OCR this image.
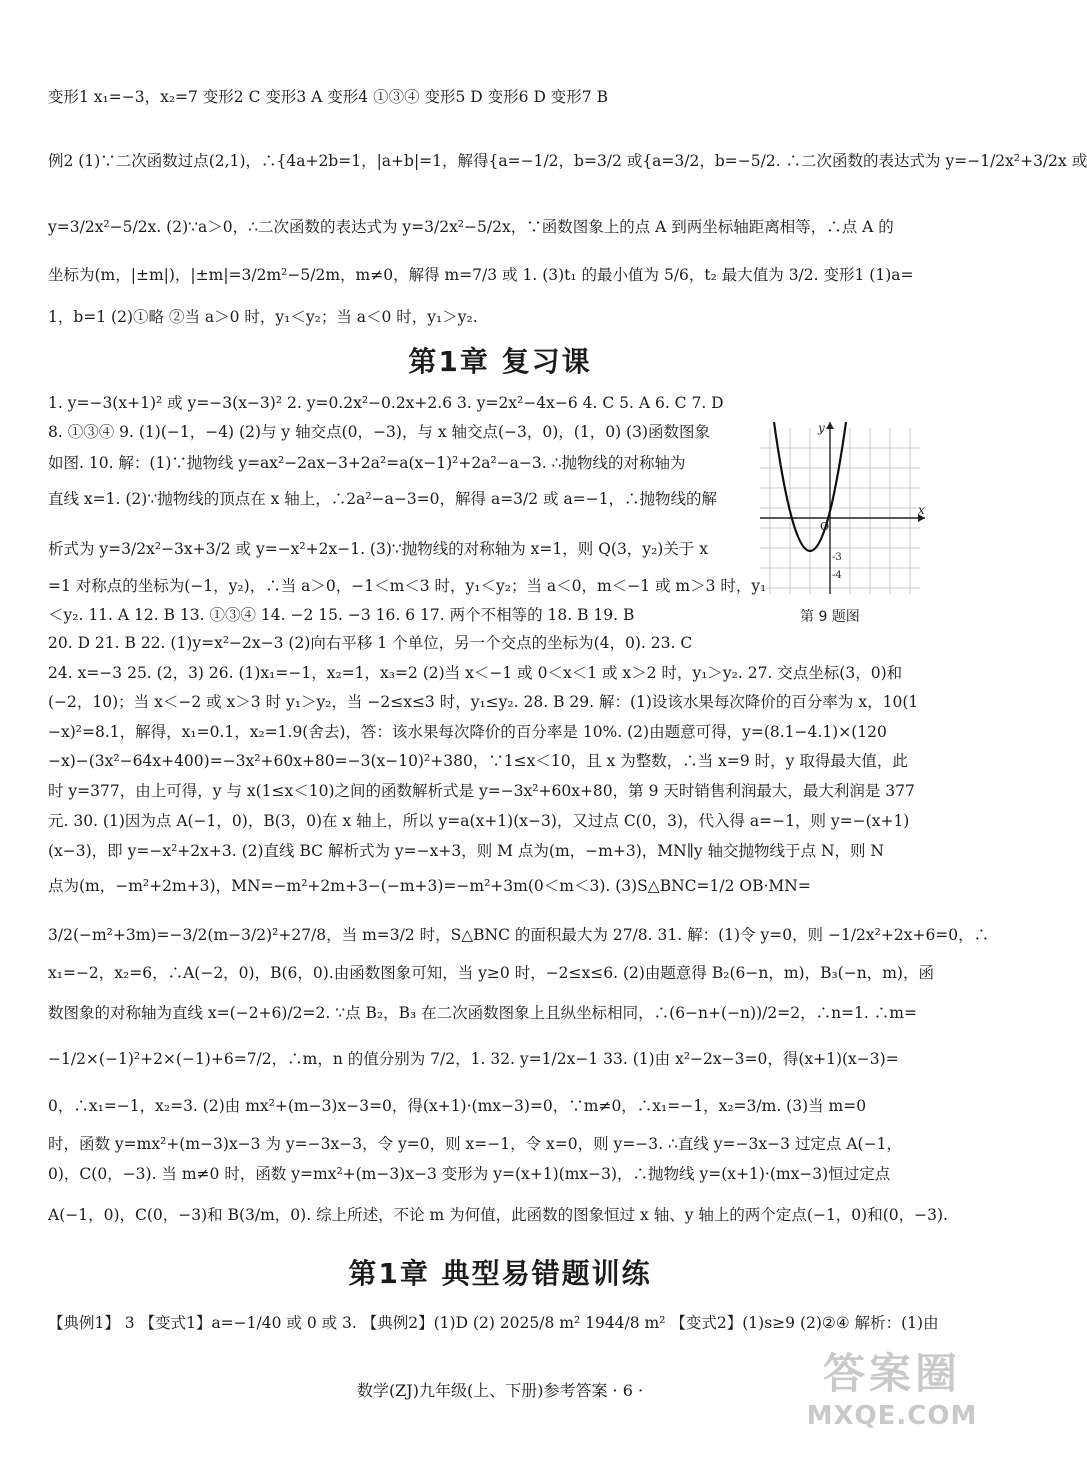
变形1 x₁=−3，x₂=7 变形2 C 变形3 A 变形4 ①③④ 变形5 D 变形6 D 变形7 B
例2 (1)∵二次函数过点(2,1)，∴{4a+2b=1，|a+b|=1，解得{a=−1/2，b=3/2 或{a=3/2，b=−5/2. ∴二次函数的表达式为 y=−1/2x²+3/2x 或
y=3/2x²−5/2x. (2)∵a＞0，∴二次函数的表达式为 y=3/2x²−5/2x，∵函数图象上的点 A 到两坐标轴距离相等，∴点 A 的
坐标为(m，|±m|)，|±m|=3/2m²−5/2m，m≠0，解得 m=7/3 或 1. (3)t₁ 的最小值为 5/6，t₂ 最大值为 3/2. 变形1 (1)a=
1，b=1 (2)①略 ②当 a＞0 时，y₁＜y₂；当 a＜0 时，y₁＞y₂.
第1章 复习课
1. y=−3(x+1)² 或 y=−3(x−3)² 2. y=0.2x²−0.2x+2.6 3. y=2x²−4x−6 4. C 5. A 6. C 7. D
8. ①③④ 9. (1)(−1，−4) (2)与 y 轴交点(0，−3)，与 x 轴交点(−3，0)，(1，0) (3)函数图象
如图. 10. 解：(1)∵抛物线 y=ax²−2ax−3+2a²=a(x−1)²+2a²−a−3. ∴抛物线的对称轴为
直线 x=1. (2)∵抛物线的顶点在 x 轴上，∴2a²−a−3=0，解得 a=3/2 或 a=−1，∴抛物线的解
析式为 y=3/2x²−3x+3/2 或 y=−x²+2x−1. (3)∵抛物线的对称轴为 x=1，则 Q(3，y₂)关于 x
=1 对称点的坐标为(−1，y₂)，∴当 a＞0，−1＜m＜3 时，y₁＜y₂；当 a＜0，m＜−1 或 m＞3 时，y₁
＜y₂. 11. A 12. B 13. ①③④ 14. −2 15. −3 16. 6 17. 两个不相等的 18. B 19. B
20. D 21. B 22. (1)y=x²−2x−3 (2)向右平移 1 个单位，另一个交点的坐标为(4，0). 23. C
24. x=−3 25. (2，3) 26. (1)x₁=−1，x₂=1，x₃=2 (2)当 x＜−1 或 0＜x＜1 或 x＞2 时，y₁＞y₂. 27. 交点坐标(3，0)和
(−2，10)；当 x＜−2 或 x＞3 时 y₁＞y₂，当 −2≤x≤3 时，y₁≤y₂. 28. B 29. 解：(1)设该水果每次降价的百分率为 x，10(1
−x)²=8.1，解得，x₁=0.1，x₂=1.9(舍去)，答：该水果每次降价的百分率是 10%. (2)由题意可得，y=(8.1−4.1)×(120
−x)−(3x²−64x+400)=−3x²+60x+80=−3(x−10)²+380，∵1≤x＜10，且 x 为整数，∴当 x=9 时，y 取得最大值，此
时 y=377，由上可得，y 与 x(1≤x＜10)之间的函数解析式是 y=−3x²+60x+80，第 9 天时销售利润最大，最大利润是 377
元. 30. (1)因为点 A(−1，0)，B(3，0)在 x 轴上，所以 y=a(x+1)(x−3)，又过点 C(0，3)，代入得 a=−1，则 y=−(x+1)
(x−3)，即 y=−x²+2x+3. (2)直线 BC 解析式为 y=−x+3，则 M 点为(m，−m+3)，MN∥y 轴交抛物线于点 N，则 N
点为(m，−m²+2m+3)，MN=−m²+2m+3−(−m+3)=−m²+3m(0＜m＜3). (3)S△BNC=1/2 OB·MN=
3/2(−m²+3m)=−3/2(m−3/2)²+27/8，当 m=3/2 时，S△BNC 的面积最大为 27/8. 31. 解：(1)令 y=0，则 −1/2x²+2x+6=0，∴
x₁=−2，x₂=6，∴A(−2，0)，B(6，0).由函数图象可知，当 y≥0 时，−2≤x≤6. (2)由题意得 B₂(6−n，m)，B₃(−n，m)，函
数图象的对称轴为直线 x=(−2+6)/2=2. ∵点 B₂，B₃ 在二次函数图象上且纵坐标相同，∴(6−n+(−n))/2=2，∴n=1. ∴m=
−1/2×(−1)²+2×(−1)+6=7/2，∴m，n 的值分别为 7/2，1. 32. y=1/2x−1 33. (1)由 x²−2x−3=0，得(x+1)(x−3)=
0，∴x₁=−1，x₂=3. (2)由 mx²+(m−3)x−3=0，得(x+1)·(mx−3)=0，∵m≠0，∴x₁=−1，x₂=3/m. (3)当 m=0
时，函数 y=mx²+(m−3)x−3 为 y=−3x−3，令 y=0，则 x=−1，令 x=0，则 y=−3. ∴直线 y=−3x−3 过定点 A(−1，
0)，C(0，−3). 当 m≠0 时，函数 y=mx²+(m−3)x−3 变形为 y=(x+1)(mx−3)，∴抛物线 y=(x+1)·(mx−3)恒过定点
A(−1，0)，C(0，−3)和 B(3/m，0). 综上所述，不论 m 为何值，此函数的图象恒过 x 轴、y 轴上的两个定点(−1，0)和(0，−3).
第1章 典型易错题训练
【典例1】 3 【变式1】a=−1/40 或 0 或 3. 【典例2】(1)D (2) 2025/8 m² 1944/8 m² 【变式2】(1)s≥9 (2)②④ 解析：(1)由
x
y
O
-3
-4
第 9 题图
数学(ZJ)九年级(上、下册)参考答案 · 6 ·	答案圈
MXQE.COM
